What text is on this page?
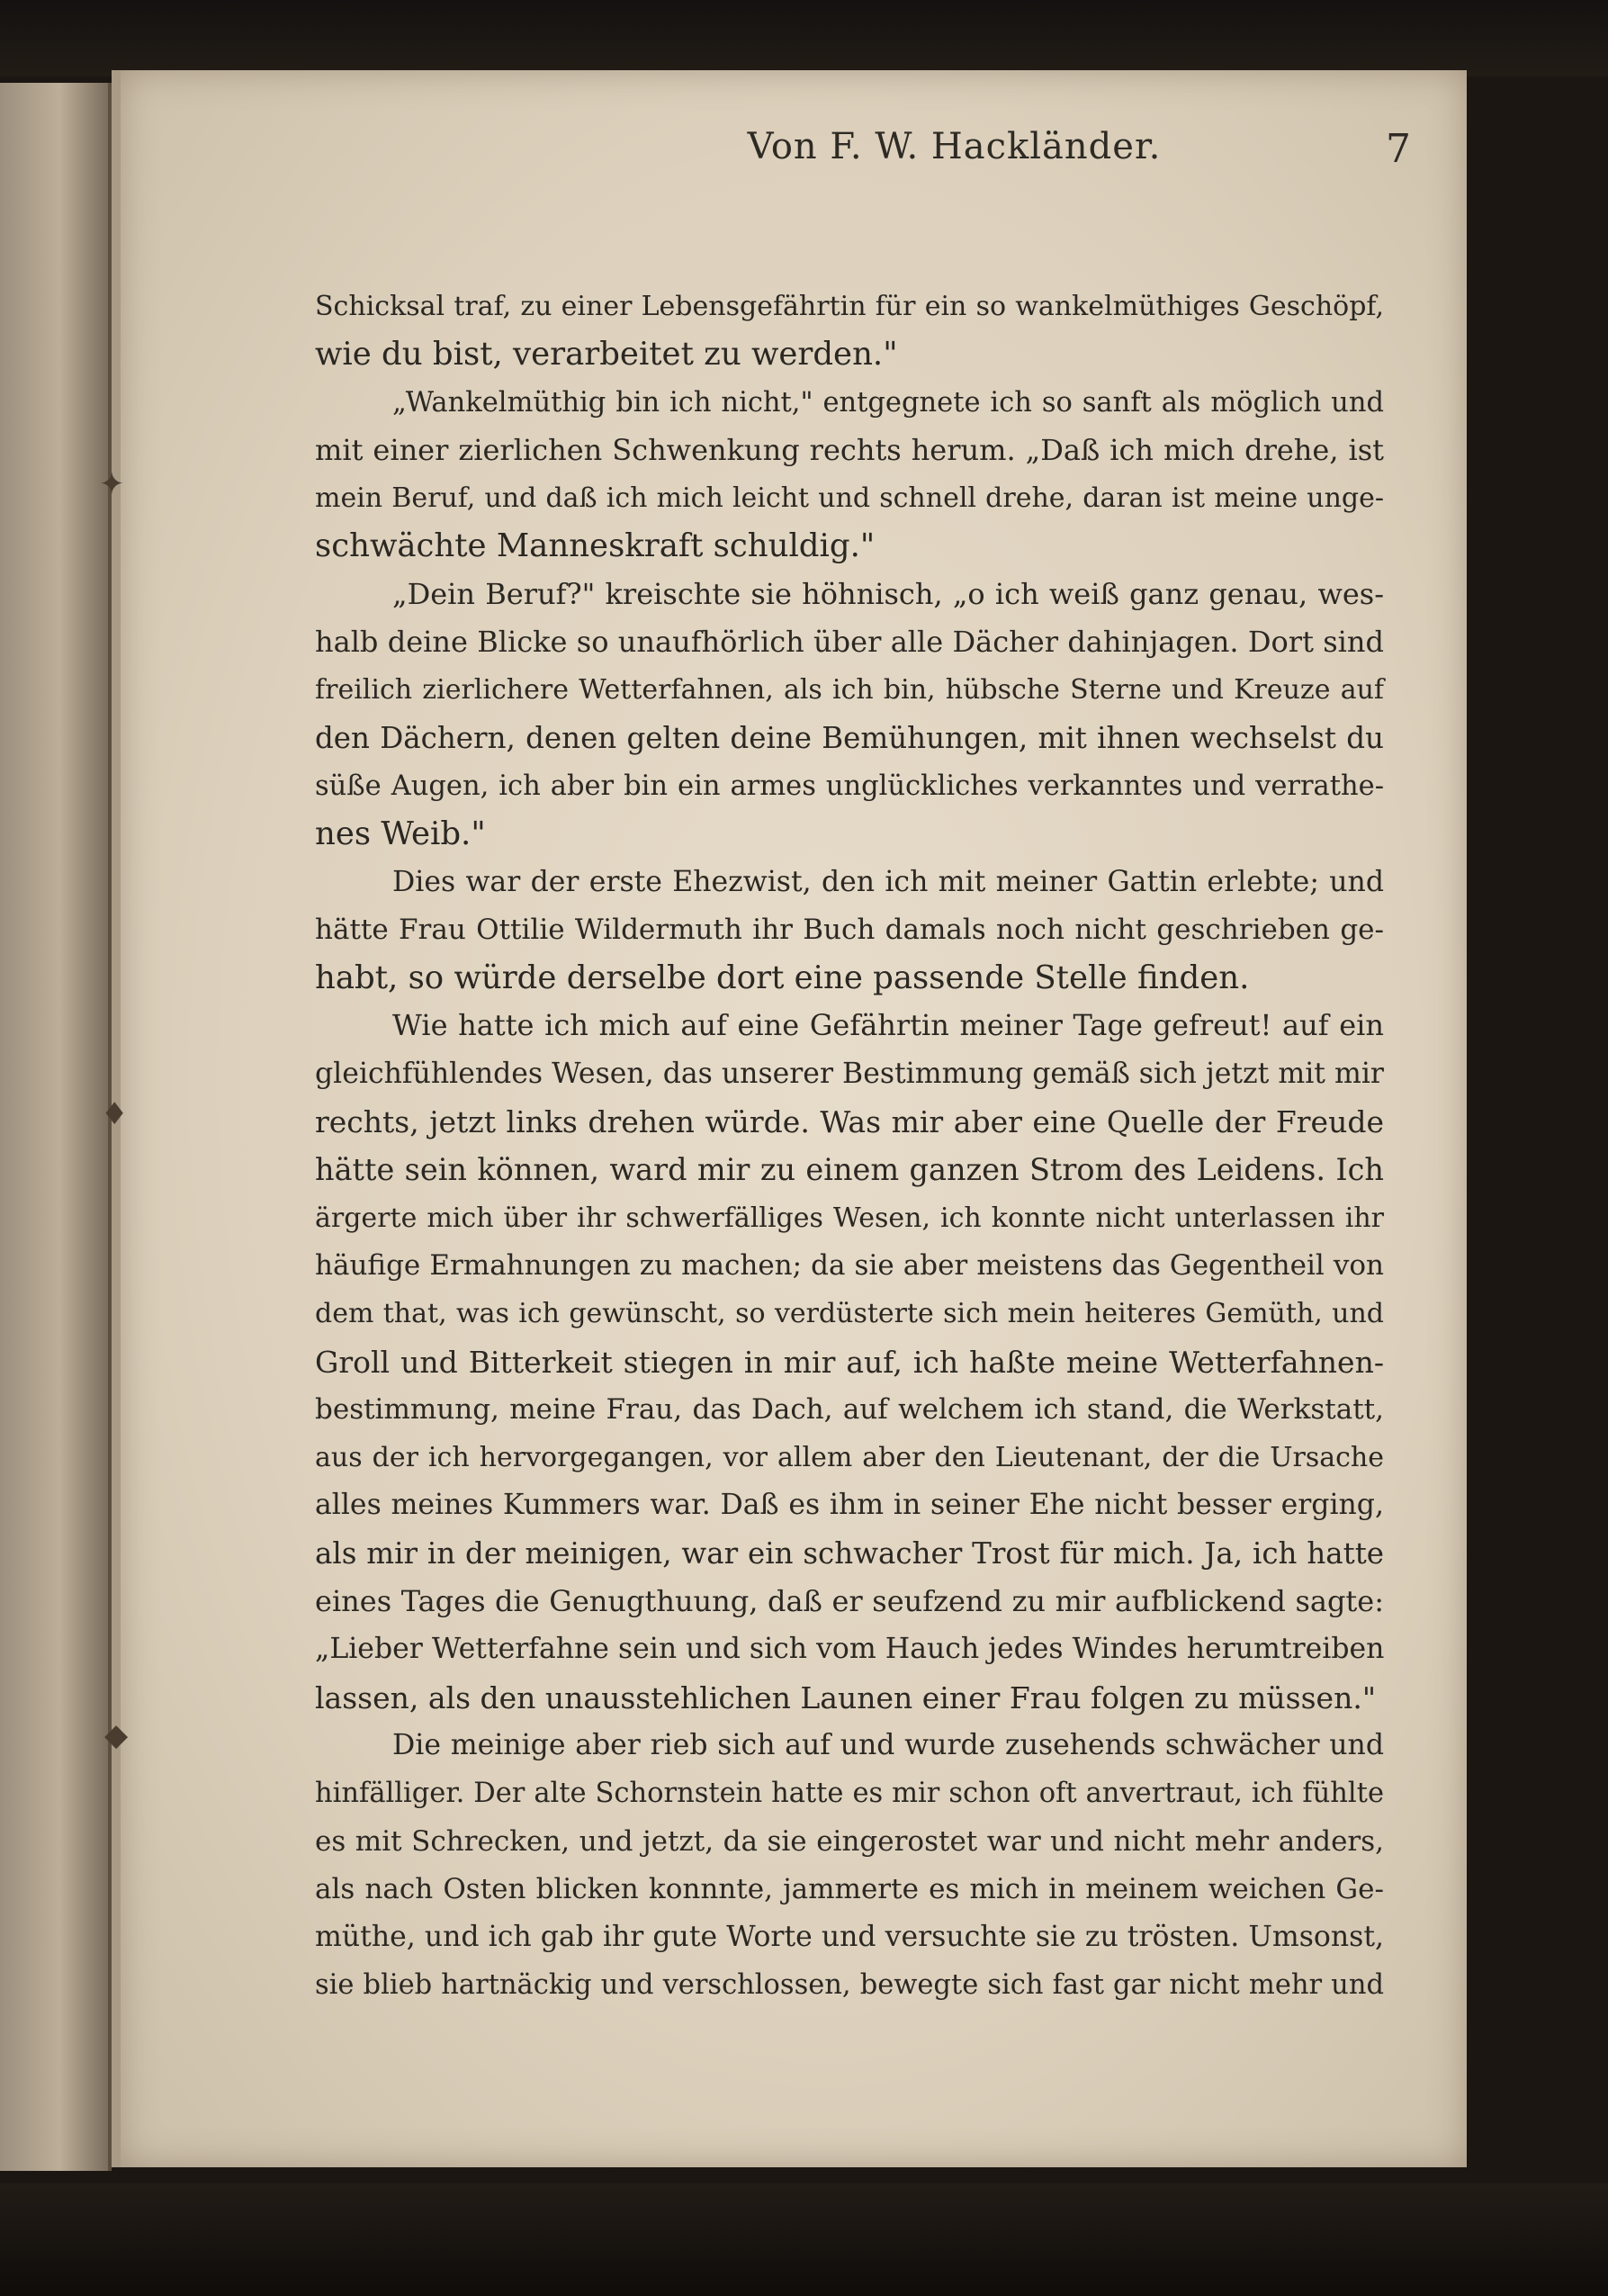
✦
♦
◆
Von F. W. Hackländer.	7
Schicksal traf, zu einer Lebensgefährtin für ein so wankelmüthiges Geschöpf,
wie du bist, verarbeitet zu werden."
„Wankelmüthig bin ich nicht," entgegnete ich so sanft als möglich und
mit einer zierlichen Schwenkung rechts herum. „Daß ich mich drehe, ist
mein Beruf, und daß ich mich leicht und schnell drehe, daran ist meine unge-
schwächte Manneskraft schuldig."
„Dein Beruf?" kreischte sie höhnisch, „o ich weiß ganz genau, wes-
halb deine Blicke so unaufhörlich über alle Dächer dahinjagen. Dort sind
freilich zierlichere Wetterfahnen, als ich bin, hübsche Sterne und Kreuze auf
den Dächern, denen gelten deine Bemühungen, mit ihnen wechselst du
süße Augen, ich aber bin ein armes unglückliches verkanntes und verrathe-
nes Weib."
Dies war der erste Ehezwist, den ich mit meiner Gattin erlebte; und
hätte Frau Ottilie Wildermuth ihr Buch damals noch nicht geschrieben ge-
habt, so würde derselbe dort eine passende Stelle finden.
Wie hatte ich mich auf eine Gefährtin meiner Tage gefreut! auf ein
gleichfühlendes Wesen, das unserer Bestimmung gemäß sich jetzt mit mir
rechts, jetzt links drehen würde. Was mir aber eine Quelle der Freude
hätte sein können, ward mir zu einem ganzen Strom des Leidens. Ich
ärgerte mich über ihr schwerfälliges Wesen, ich konnte nicht unterlassen ihr
häufige Ermahnungen zu machen; da sie aber meistens das Gegentheil von
dem that, was ich gewünscht, so verdüsterte sich mein heiteres Gemüth, und
Groll und Bitterkeit stiegen in mir auf, ich haßte meine Wetterfahnen-
bestimmung, meine Frau, das Dach, auf welchem ich stand, die Werkstatt,
aus der ich hervorgegangen, vor allem aber den Lieutenant, der die Ursache
alles meines Kummers war. Daß es ihm in seiner Ehe nicht besser erging,
als mir in der meinigen, war ein schwacher Trost für mich. Ja, ich hatte
eines Tages die Genugthuung, daß er seufzend zu mir aufblickend sagte:
„Lieber Wetterfahne sein und sich vom Hauch jedes Windes herumtreiben
lassen, als den unausstehlichen Launen einer Frau folgen zu müssen."
Die meinige aber rieb sich auf und wurde zusehends schwächer und
hinfälliger. Der alte Schornstein hatte es mir schon oft anvertraut, ich fühlte
es mit Schrecken, und jetzt, da sie eingerostet war und nicht mehr anders,
als nach Osten blicken konnnte, jammerte es mich in meinem weichen Ge-
müthe, und ich gab ihr gute Worte und versuchte sie zu trösten. Umsonst,
sie blieb hartnäckig und verschlossen, bewegte sich fast gar nicht mehr und
